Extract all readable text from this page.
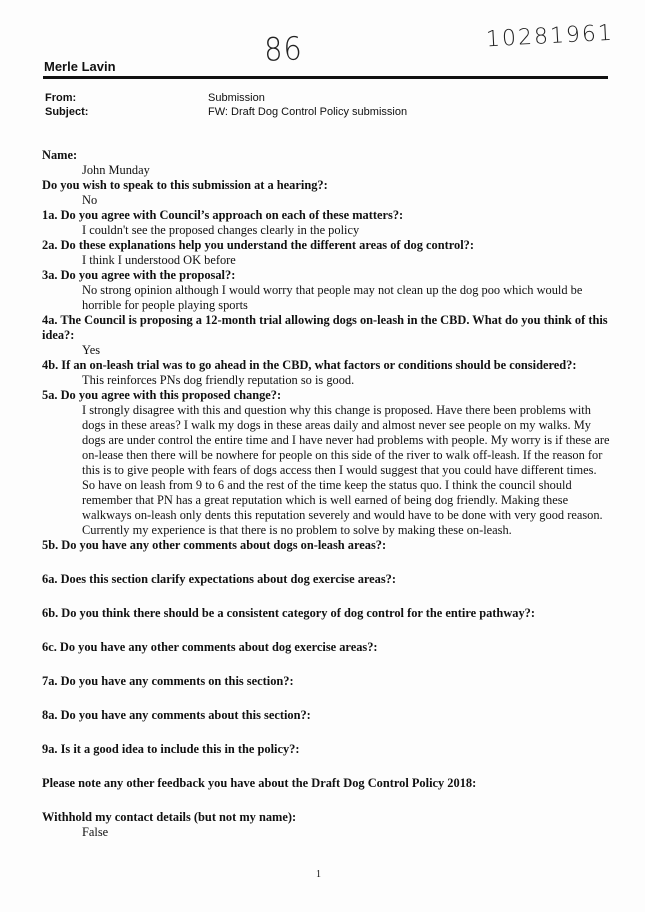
86	10281961
Merle Lavin
From:	Submission
Subject:	FW: Draft Dog Control Policy submission

Name:

John Munday

Do you wish to speak to this submission at a hearing?:

No

1a. Do you agree with Council’s approach on each of these matters?:

I couldn't see the proposed changes clearly in the policy

2a. Do these explanations help you understand the different areas of dog control?:

I think I understood OK before

3a. Do you agree with the proposal?:

No strong opinion although I would worry that people may not clean up the dog poo which would be horrible for people playing sports

4a. The Council is proposing a 12-month trial allowing dogs on-leash in the CBD. What do you think of this idea?:

Yes

4b. If an on-leash trial was to go ahead in the CBD, what factors or conditions should be considered?:

This reinforces PNs dog friendly reputation so is good.

5a. Do you agree with this proposed change?:

I strongly disagree with this and question why this change is proposed. Have there been problems with dogs in these areas? I walk my dogs in these areas daily and almost never see people on my walks. My dogs are under control the entire time and I have never had problems with people. My worry is if these are on-lease then there will be nowhere for people on this side of the river to walk off-leash. If the reason for this is to give people with fears of dogs access then I would suggest that you could have different times. So have on leash from 9 to 6 and the rest of the time keep the status quo. I think the council should remember that PN has a great reputation which is well earned of being dog friendly. Making these walkways on-leash only dents this reputation severely and would have to be done with very good reason. Currently my experience is that there is no problem to solve by making these on-leash.

5b. Do you have any other comments about dogs on-leash areas?:

6a. Does this section clarify expectations about dog exercise areas?:

6b. Do you think there should be a consistent category of dog control for the entire pathway?:

6c. Do you have any other comments about dog exercise areas?:

7a. Do you have any comments on this section?:

8a. Do you have any comments about this section?:

9a. Is it a good idea to include this in the policy?:

Please note any other feedback you have about the Draft Dog Control Policy 2018:

Withhold my contact details (but not my name):

False

1
